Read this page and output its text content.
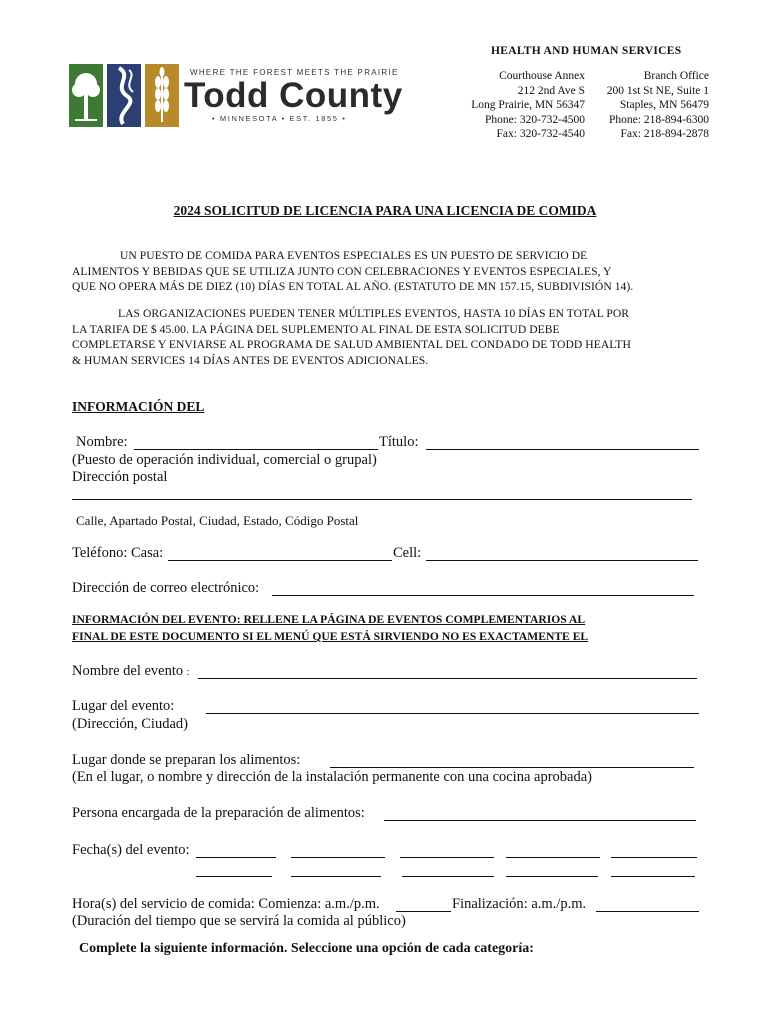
WHERE THE FOREST MEETS THE PRAIRIE
Todd County
• MINNESOTA • EST. 1855 •
HEALTH AND HUMAN SERVICES
Courthouse Annex
212 2nd Ave S
Long Prairie, MN 56347
Phone: 320-732-4500
Fax: 320-732-4540
Branch Office
200 1st St NE, Suite 1
Staples, MN 56479
Phone: 218-894-6300
Fax: 218-894-2878
2024 SOLICITUD DE LICENCIA PARA UNA LICENCIA DE COMIDA
UN PUESTO DE COMIDA PARA EVENTOS ESPECIALES ES UN PUESTO DE SERVICIO DE
ALIMENTOS Y BEBIDAS QUE SE UTILIZA JUNTO CON CELEBRACIONES Y EVENTOS ESPECIALES, Y
QUE NO OPERA MÁS DE DIEZ (10) DÍAS EN TOTAL AL AÑO. (ESTATUTO DE MN 157.15, SUBDIVISIÓN 14).
LAS ORGANIZACIONES PUEDEN TENER MÚLTIPLES EVENTOS, HASTA 10 DÍAS EN TOTAL POR
LA TARIFA DE $ 45.00. LA PÁGINA DEL SUPLEMENTO AL FINAL DE ESTA SOLICITUD DEBE
COMPLETARSE Y ENVIARSE AL PROGRAMA DE SALUD AMBIENTAL DEL CONDADO DE TODD HEALTH
& HUMAN SERVICES 14 DÍAS ANTES DE EVENTOS ADICIONALES.
INFORMACIÓN DEL
Nombre:	Título:
(Puesto de operación individual, comercial o grupal)
Dirección postal
Calle, Apartado Postal, Ciudad, Estado, Código Postal
Teléfono: Casa:	Cell:
Dirección de correo electrónico:
INFORMACIÓN DEL EVENTO: RELLENE LA PÁGINA DE EVENTOS COMPLEMENTARIOS AL
FINAL DE ESTE DOCUMENTO SI EL MENÚ QUE ESTÁ SIRVIENDO NO ES EXACTAMENTE EL
Nombre del evento :
Lugar del evento:
(Dirección, Ciudad)
Lugar donde se preparan los alimentos:
(En el lugar, o nombre y dirección de la instalación permanente con una cocina aprobada)
Persona encargada de la preparación de alimentos:
Fecha(s) del evento:
Hora(s) del servicio de comida: Comienza: a.m./p.m.	Finalización: a.m./p.m.
(Duración del tiempo que se servirá la comida al público)
Complete la siguiente información. Seleccione una opción de cada categoría:
